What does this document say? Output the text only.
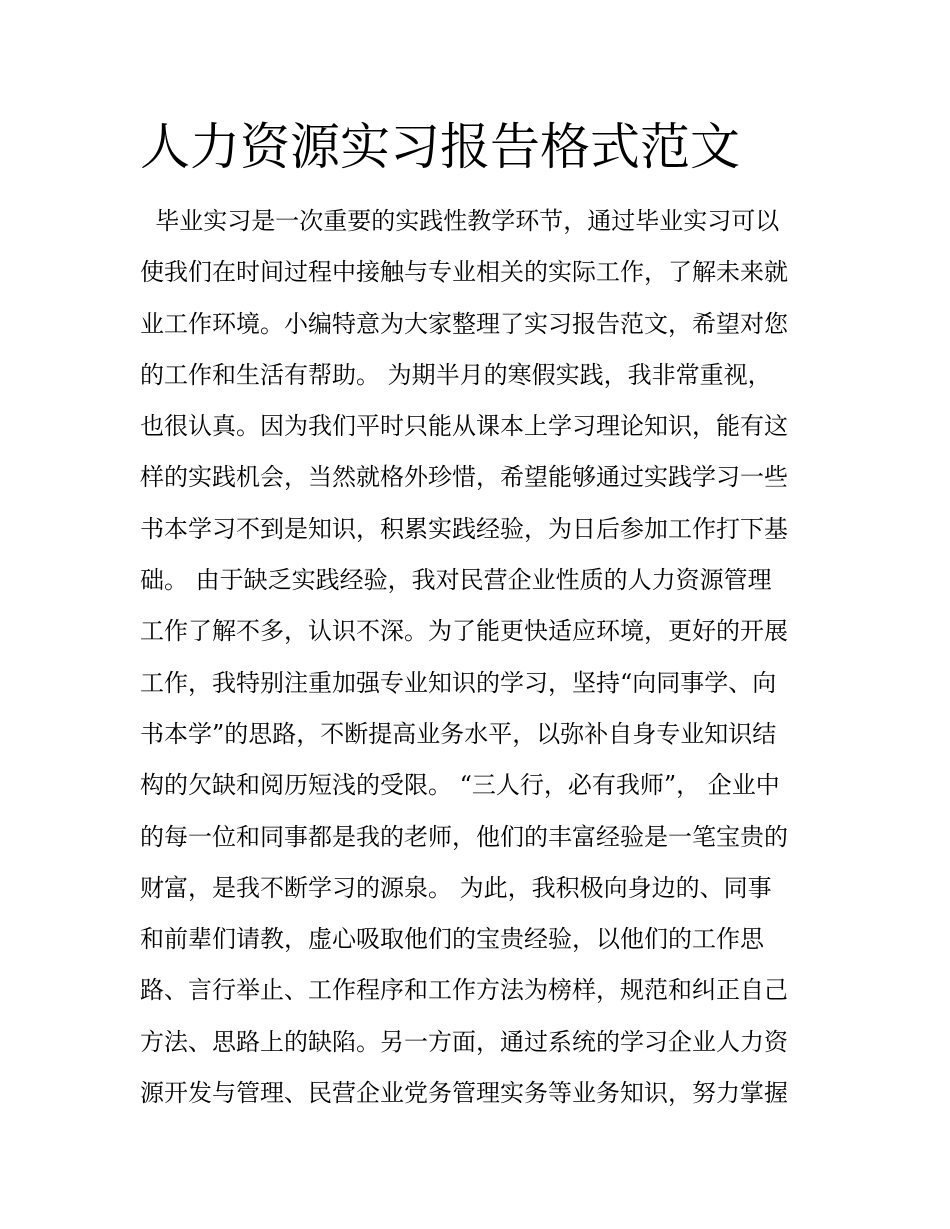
人力资源实习报告格式范文
毕业实习是一次重要的实践性教学环节，通过毕业实习可以
使我们在时间过程中接触与专业相关的实际工作，了解未来就
业工作环境。小编特意为大家整理了实习报告范文，希望对您
的工作和生活有帮助。 为期半月的寒假实践，我非常重视，
也很认真。因为我们平时只能从课本上学习理论知识，能有这
样的实践机会，当然就格外珍惜，希望能够通过实践学习一些
书本学习不到是知识，积累实践经验，为日后参加工作打下基
础。 由于缺乏实践经验，我对民营企业性质的人力资源管理
工作了解不多，认识不深。为了能更快适应环境，更好的开展
工作，我特别注重加强专业知识的学习，坚持“向同事学、向
书本学”的思路，不断提高业务水平，以弥补自身专业知识结
构的欠缺和阅历短浅的受限。 “三人行，必有我师”， 企业中
的每一位和同事都是我的老师，他们的丰富经验是一笔宝贵的
财富，是我不断学习的源泉。 为此，我积极向身边的、同事
和前辈们请教，虚心吸取他们的宝贵经验，以他们的工作思
路、言行举止、工作程序和工作方法为榜样，规范和纠正自己
方法、思路上的缺陷。另一方面，通过系统的学习企业人力资
源开发与管理、民营企业党务管理实务等业务知识，努力掌握
